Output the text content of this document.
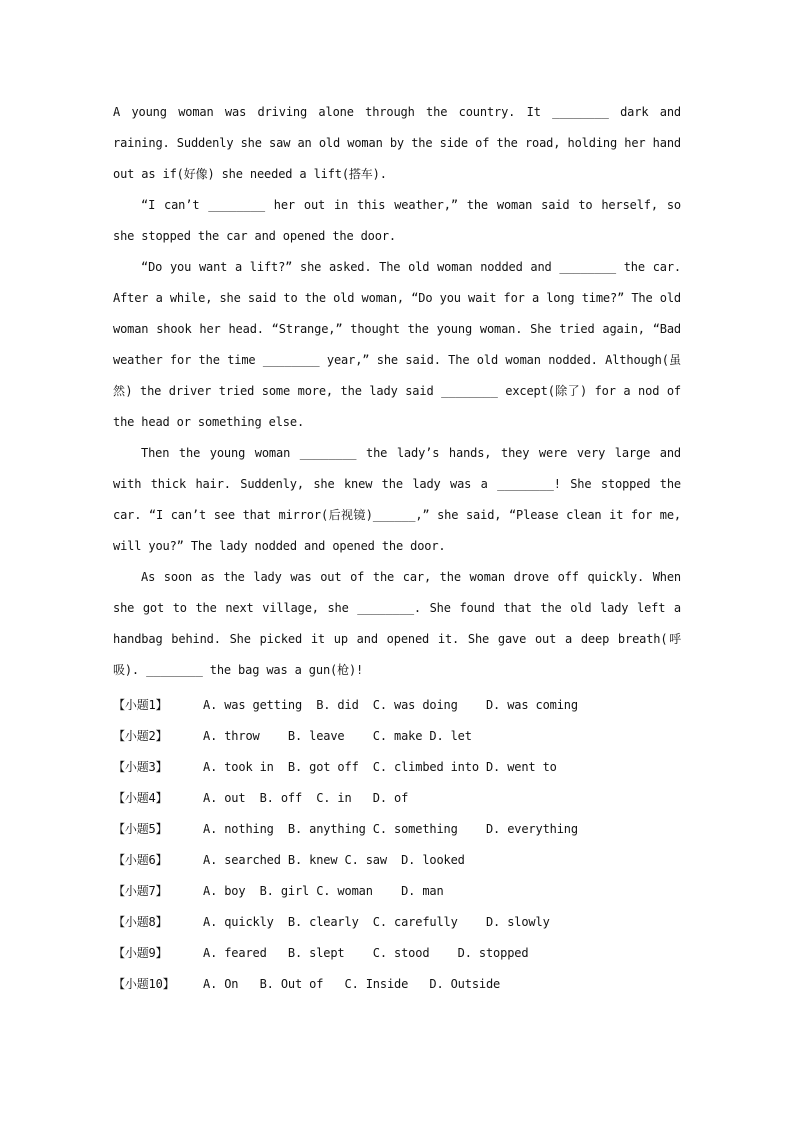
A young woman was driving alone through the country. It ________ dark and raining. Suddenly she saw an old woman by the side of the road, holding her hand out as if(好像) she needed a lift(搭车).

“I can’t ________ her out in this weather,” the woman said to herself, so she stopped the car and opened the door.

“Do you want a lift?” she asked. The old woman nodded and ________ the car. After a while, she said to the old woman, “Do you wait for a long time?” The old woman shook her head. “Strange,” thought the young woman. She tried again, “Bad weather for the time ________ year,” she said. The old woman nodded. Although(虽然) the driver tried some more, the lady said ________ except(除了) for a nod of the head or something else.

Then the young woman ________ the lady’s hands, they were very large and with thick hair. Suddenly, she knew the lady was a ________! She stopped the car. “I can’t see that mirror(后视镜)______,” she said, “Please clean it for me, will you?” The lady nodded and opened the door.

As soon as the lady was out of the car, the woman drove off quickly. When she got to the next village, she ________. She found that the old lady left a handbag behind. She picked it up and opened it. She gave out a deep breath(呼吸). ________ the bag was a gun(枪)!

【小题1】	A. was getting  B. did  C. was doing    D. was coming
【小题2】	A. throw    B. leave    C. make D. let
【小题3】	A. took in  B. got off  C. climbed into D. went to
【小题4】	A. out  B. off  C. in   D. of
【小题5】	A. nothing  B. anything C. something    D. everything
【小题6】	A. searched B. knew C. saw  D. looked
【小题7】	A. boy  B. girl C. woman    D. man
【小题8】	A. quickly  B. clearly  C. carefully    D. slowly
【小题9】	A. feared   B. slept    C. stood    D. stopped
【小题10】 A. On   B. Out of   C. Inside   D. Outside
